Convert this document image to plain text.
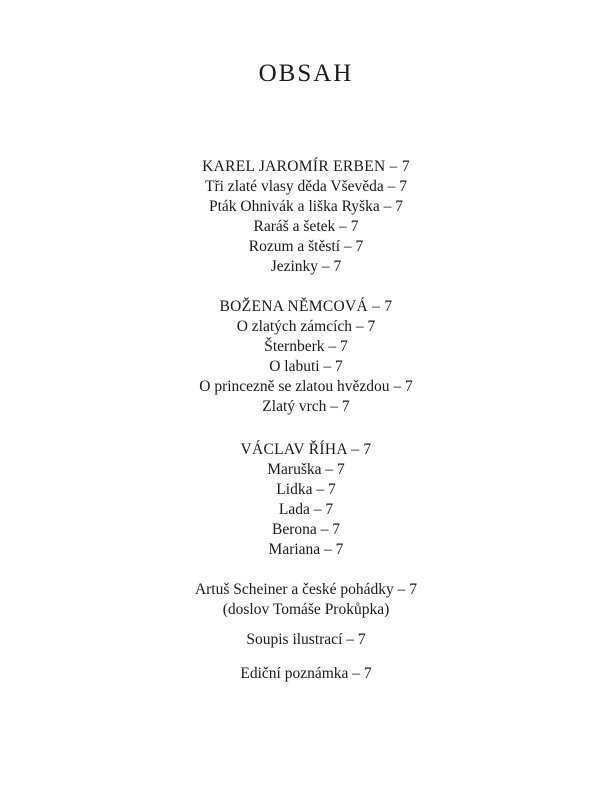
OBSAH
KAREL JAROMÍR ERBEN – 7
Tři zlaté vlasy děda Vševěda – 7
Pták Ohnivák a liška Ryška – 7
Raráš a šetek – 7
Rozum a štěstí – 7
Jezinky – 7
BOŽENA NĚMCOVÁ – 7
O zlatých zámcích – 7
Šternberk – 7
O labuti – 7
O princezně se zlatou hvězdou – 7
Zlatý vrch – 7
VÁCLAV ŘÍHA – 7
Maruška – 7
Lidka – 7
Lada – 7
Berona – 7
Mariana – 7
Artuš Scheiner a české pohádky – 7
(doslov Tomáše Prokůpka)
Soupis ilustrací – 7
Ediční poznámka – 7
